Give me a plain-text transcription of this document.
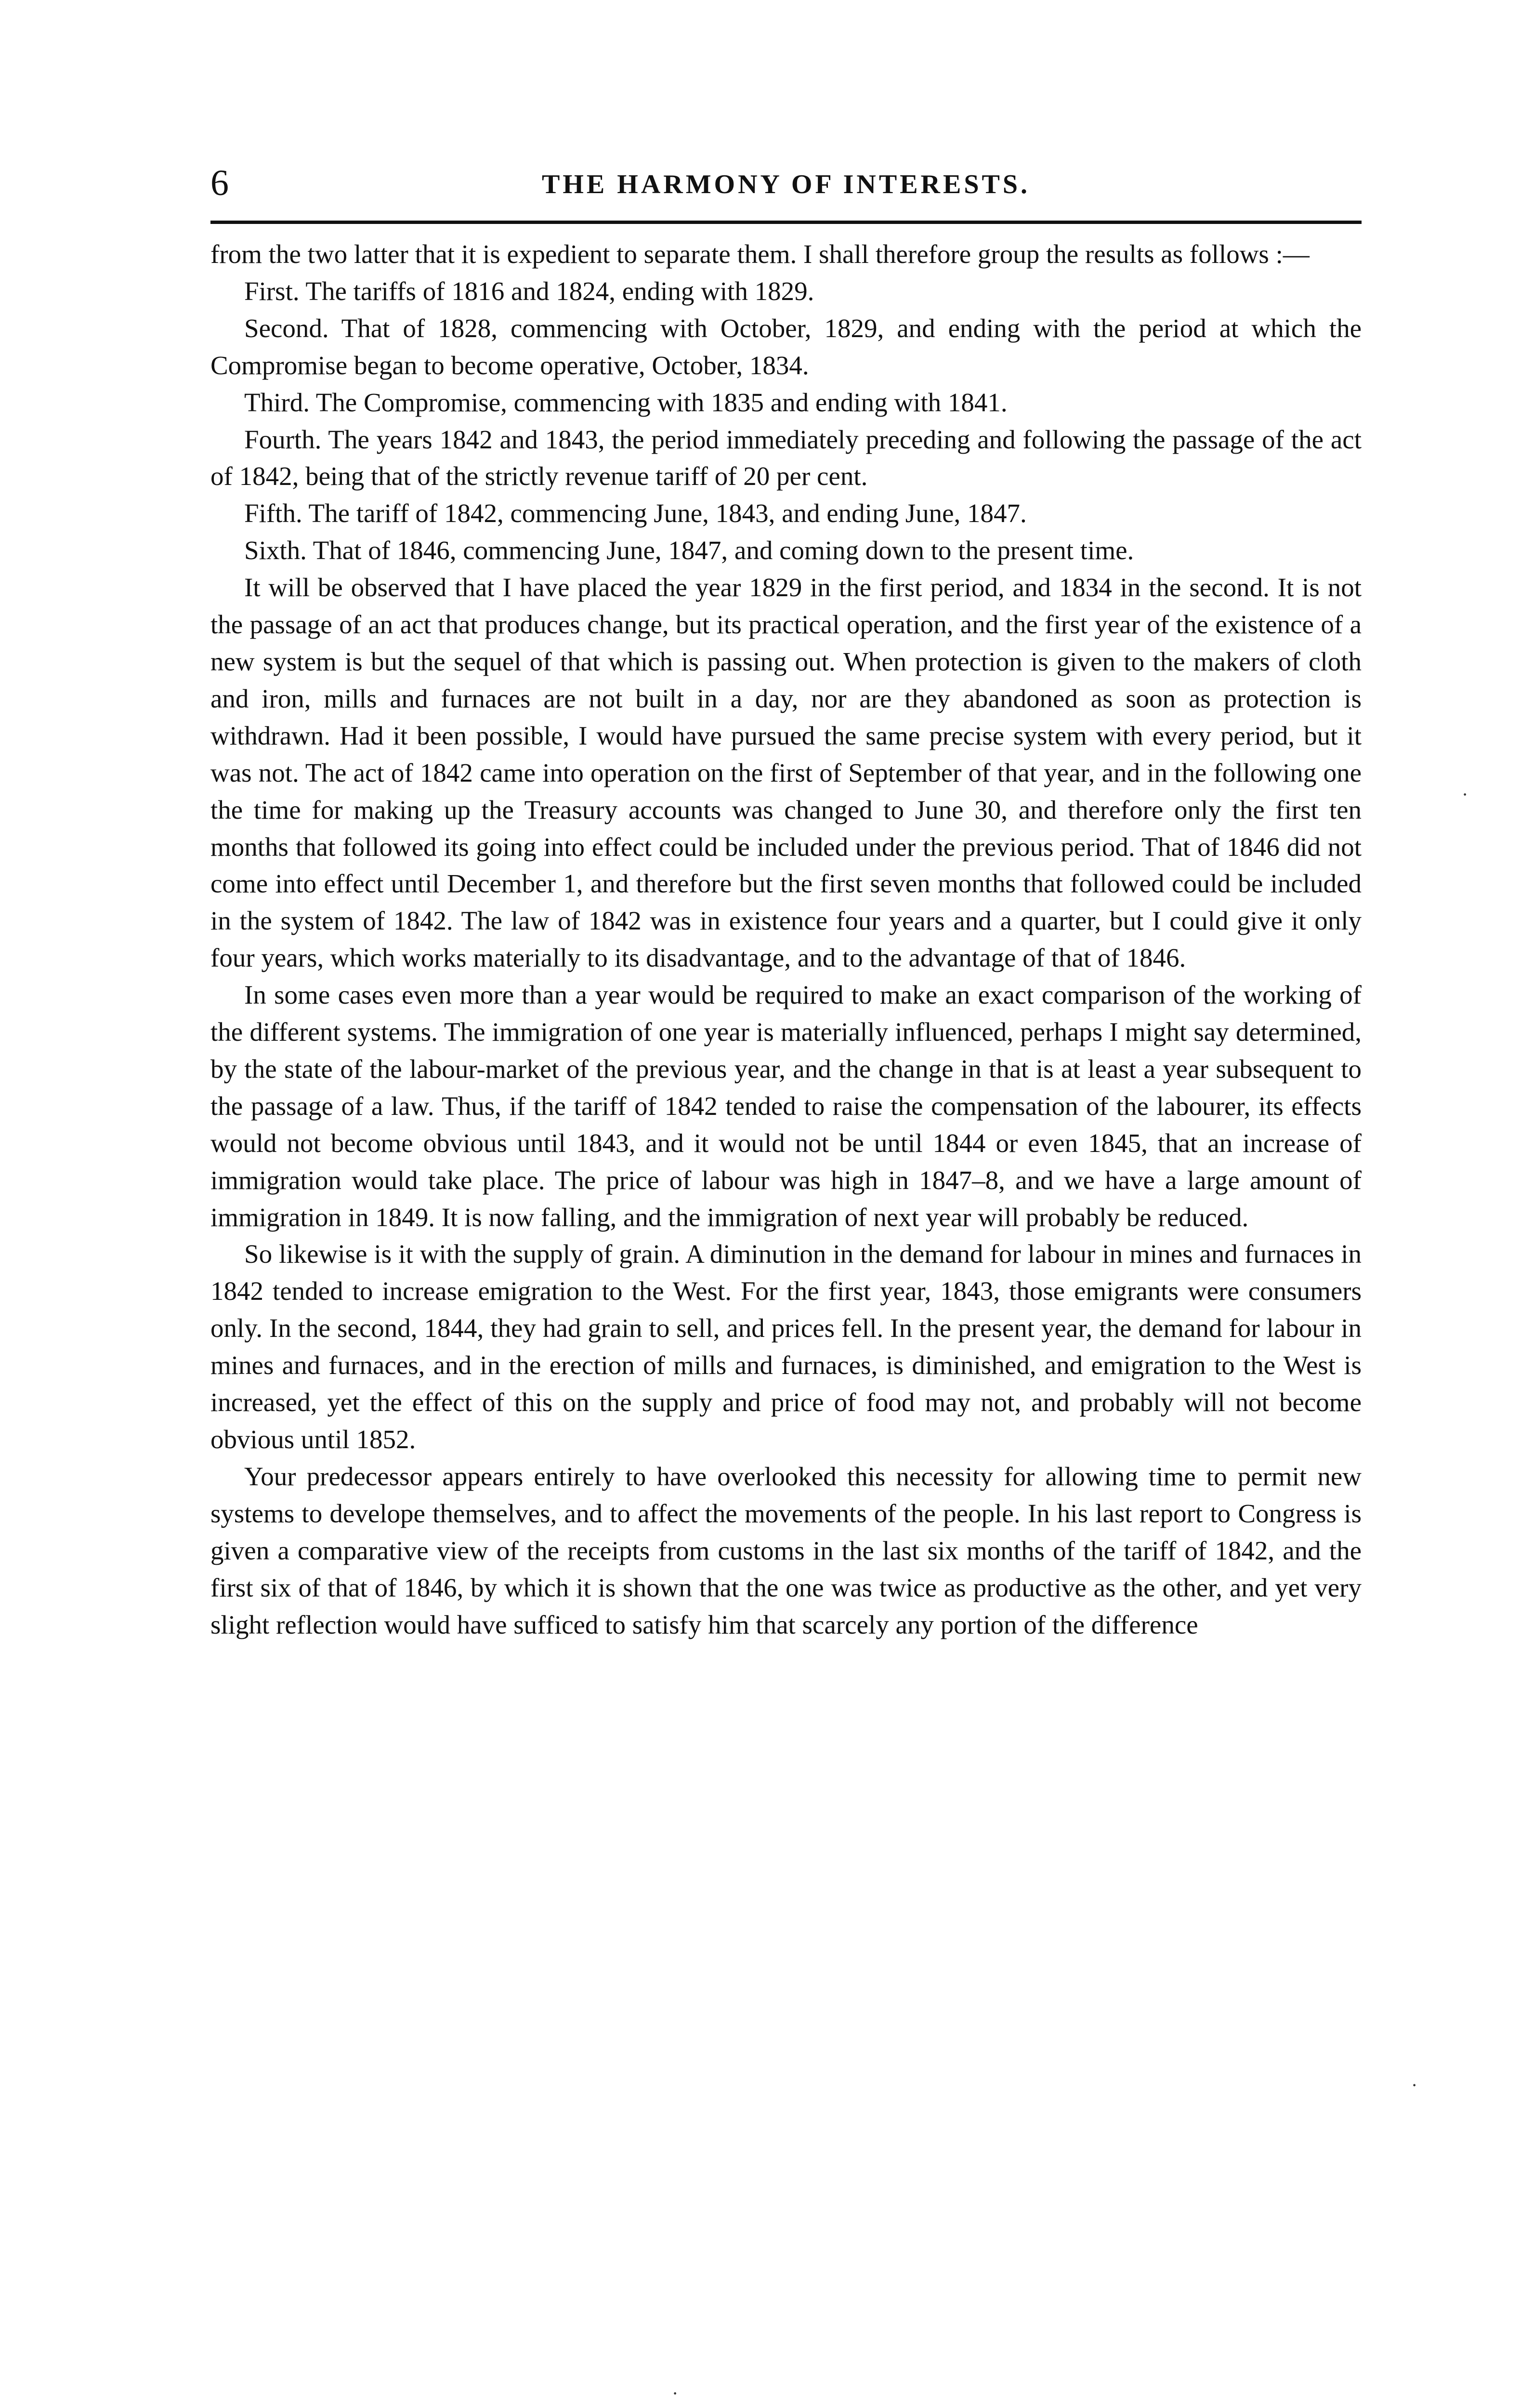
6	THE HARMONY OF INTERESTS.

from the two latter that it is expedient to separate them. I shall therefore group the results as follows :—

First. The tariffs of 1816 and 1824, ending with 1829.

Second. That of 1828, commencing with October, 1829, and ending with the period at which the Compromise began to become operative, October, 1834.

Third. The Compromise, commencing with 1835 and ending with 1841.

Fourth. The years 1842 and 1843, the period immediately preceding and following the passage of the act of 1842, being that of the strictly revenue tariff of 20 per cent.

Fifth. The tariff of 1842, commencing June, 1843, and ending June, 1847.

Sixth. That of 1846, commencing June, 1847, and coming down to the present time.

It will be observed that I have placed the year 1829 in the first period, and 1834 in the second. It is not the passage of an act that produces change, but its practical operation, and the first year of the existence of a new system is but the sequel of that which is passing out. When protection is given to the makers of cloth and iron, mills and furnaces are not built in a day, nor are they abandoned as soon as protection is withdrawn. Had it been possible, I would have pursued the same precise system with every period, but it was not. The act of 1842 came into operation on the first of September of that year, and in the following one the time for making up the Treasury accounts was changed to June 30, and therefore only the first ten months that followed its going into effect could be included under the previous period. That of 1846 did not come into effect until December 1, and therefore but the first seven months that followed could be included in the system of 1842. The law of 1842 was in existence four years and a quarter, but I could give it only four years, which works materially to its disadvantage, and to the advantage of that of 1846.

In some cases even more than a year would be required to make an exact comparison of the working of the different systems. The immigration of one year is materially influenced, perhaps I might say determined, by the state of the labour-market of the previous year, and the change in that is at least a year subsequent to the passage of a law. Thus, if the tariff of 1842 tended to raise the compensation of the labourer, its effects would not become obvious until 1843, and it would not be until 1844 or even 1845, that an increase of immigration would take place. The price of labour was high in 1847–8, and we have a large amount of immigration in 1849. It is now falling, and the immigration of next year will probably be reduced.

So likewise is it with the supply of grain. A diminution in the demand for labour in mines and furnaces in 1842 tended to increase emigration to the West. For the first year, 1843, those emigrants were consumers only. In the second, 1844, they had grain to sell, and prices fell. In the present year, the demand for labour in mines and furnaces, and in the erection of mills and furnaces, is diminished, and emigration to the West is increased, yet the effect of this on the supply and price of food may not, and probably will not become obvious until 1852.

Your predecessor appears entirely to have overlooked this necessity for allowing time to permit new systems to develope themselves, and to affect the movements of the people. In his last report to Congress is given a comparative view of the receipts from customs in the last six months of the tariff of 1842, and the first six of that of 1846, by which it is shown that the one was twice as productive as the other, and yet very slight reflection would have sufficed to satisfy him that scarcely any portion of the difference

·
·
·
